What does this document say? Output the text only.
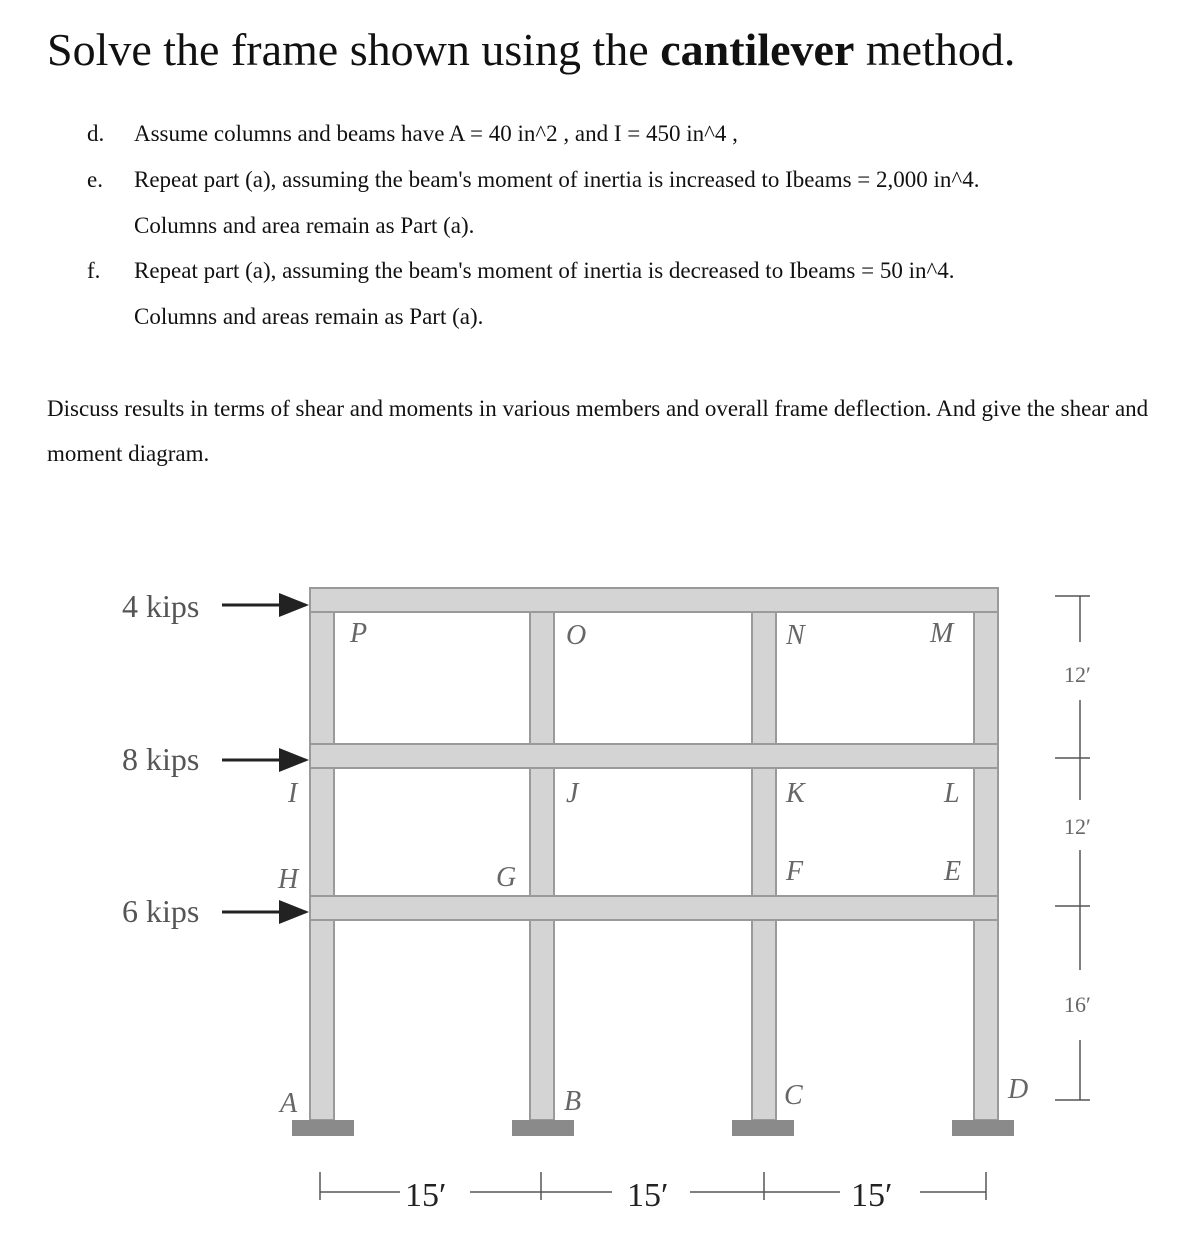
Solve the frame shown using the cantilever method.
d. Assume columns and beams have A = 40 in^2 , and I = 450 in^4 ,
e. Repeat part (a), assuming the beam's moment of inertia is increased to Ibeams = 2,000 in^4.
Columns and area remain as Part (a).
f. Repeat part (a), assuming the beam's moment of inertia is decreased to Ibeams = 50 in^4.
Columns and areas remain as Part (a).

Discuss results in terms of shear and moments in various members and overall frame deflection. And give the shear and moment diagram.

4 kips
8 kips
6 kips
P	O	N	M
I	J	K	L
H	G	F	E
A	B	C	D
12′
12′
16′
15′	15′	15′
